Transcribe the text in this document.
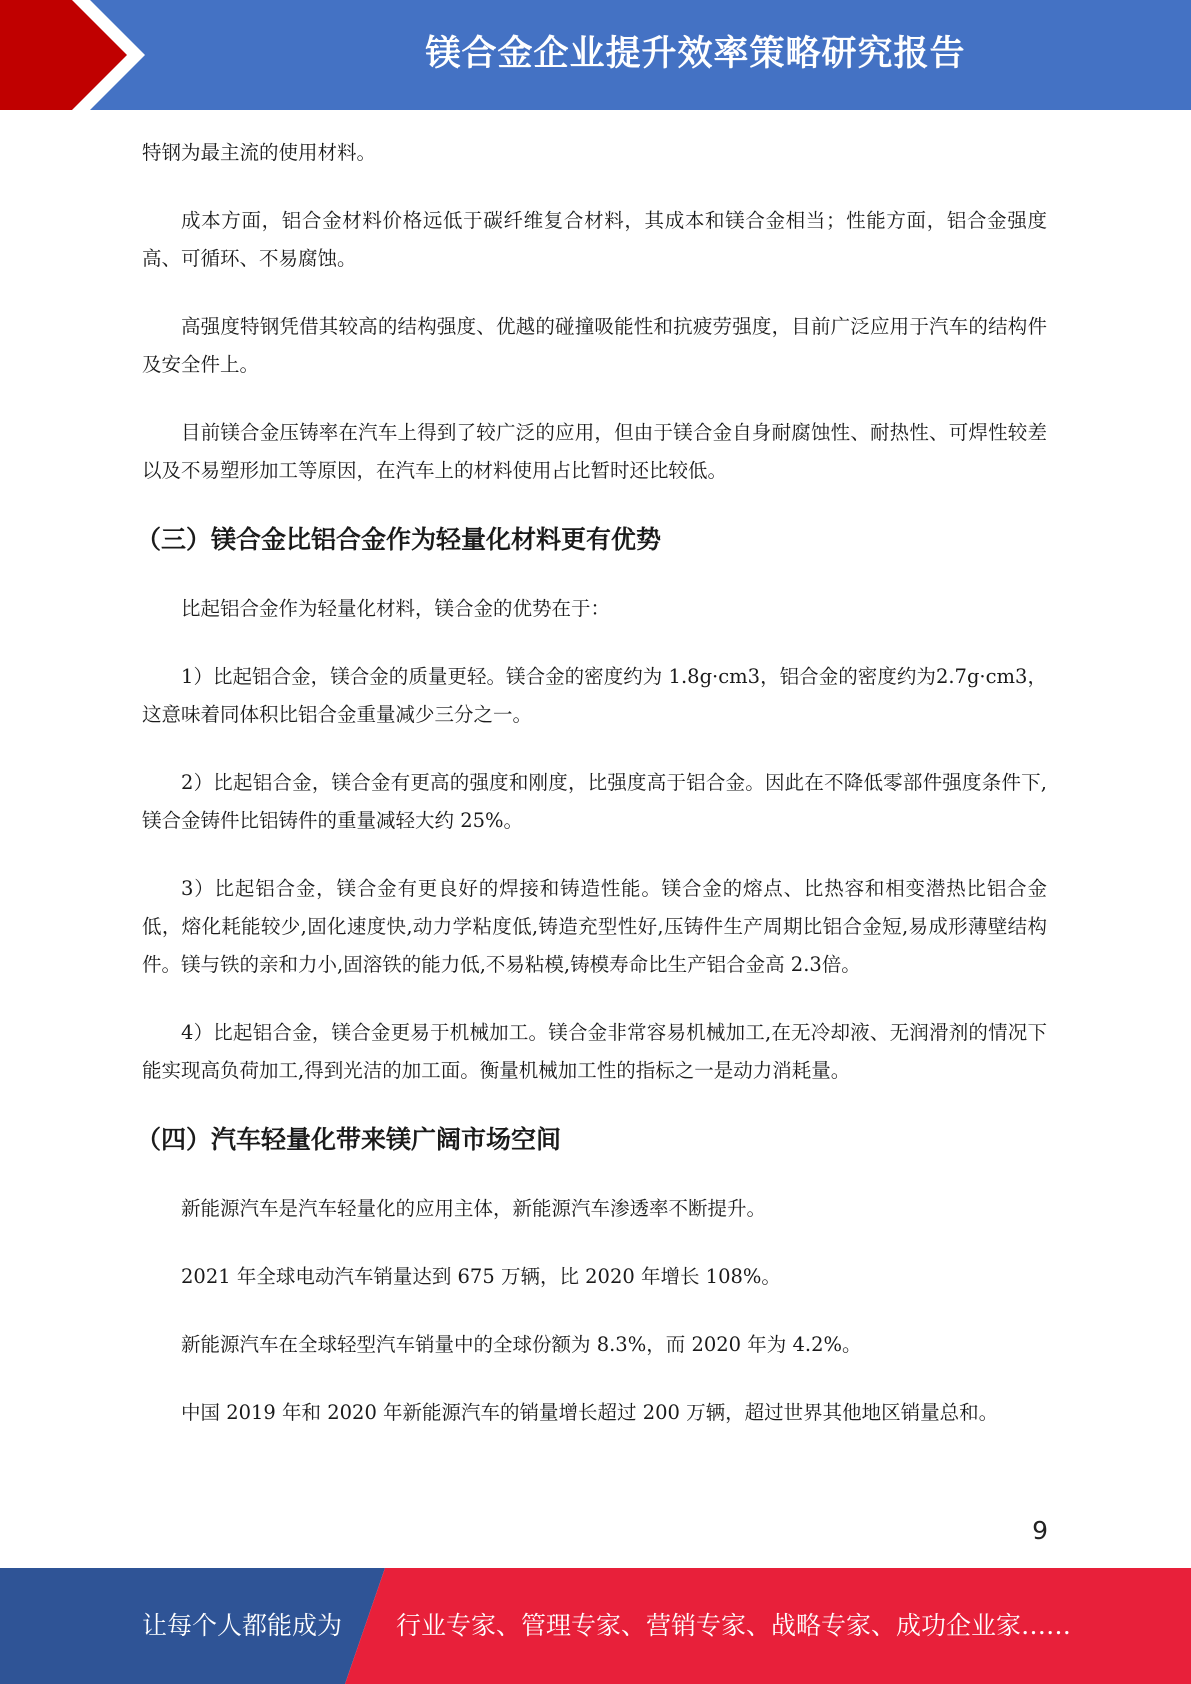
镁合金企业提升效率策略研究报告

特钢为最主流的使用材料。

成本方面，铝合金材料价格远低于碳纤维复合材料，其成本和镁合金相当；性能方面，铝合金强度高、可循环、不易腐蚀。

高强度特钢凭借其较高的结构强度、优越的碰撞吸能性和抗疲劳强度，目前广泛应用于汽车的结构件及安全件上。

目前镁合金压铸率在汽车上得到了较广泛的应用，但由于镁合金自身耐腐蚀性、耐热性、可焊性较差以及不易塑形加工等原因，在汽车上的材料使用占比暂时还比较低。

（三）镁合金比铝合金作为轻量化材料更有优势

比起铝合金作为轻量化材料，镁合金的优势在于：

1）比起铝合金，镁合金的质量更轻。镁合金的密度约为 1.8g·cm3，铝合金的密度约为2.7g·cm3，这意味着同体积比铝合金重量减少三分之一。

2）比起铝合金，镁合金有更高的强度和刚度，比强度高于铝合金。因此在不降低零部件强度条件下,镁合金铸件比铝铸件的重量减轻大约 25%。

3）比起铝合金，镁合金有更良好的焊接和铸造性能。镁合金的熔点、比热容和相变潜热比铝合金低，熔化耗能较少,固化速度快,动力学粘度低,铸造充型性好,压铸件生产周期比铝合金短,易成形薄壁结构件。镁与铁的亲和力小,固溶铁的能力低,不易粘模,铸模寿命比生产铝合金高 2.3倍。

4）比起铝合金，镁合金更易于机械加工。镁合金非常容易机械加工,在无冷却液、无润滑剂的情况下能实现高负荷加工,得到光洁的加工面。衡量机械加工性的指标之一是动力消耗量。

（四）汽车轻量化带来镁广阔市场空间

新能源汽车是汽车轻量化的应用主体，新能源汽车渗透率不断提升。

2021 年全球电动汽车销量达到 675 万辆，比 2020 年增长 108%。

新能源汽车在全球轻型汽车销量中的全球份额为 8.3%，而 2020 年为 4.2%。

中国 2019 年和 2020 年新能源汽车的销量增长超过 200 万辆，超过世界其他地区销量总和。

9
让每个人都能成为 行业专家、管理专家、营销专家、战略专家、成功企业家……
